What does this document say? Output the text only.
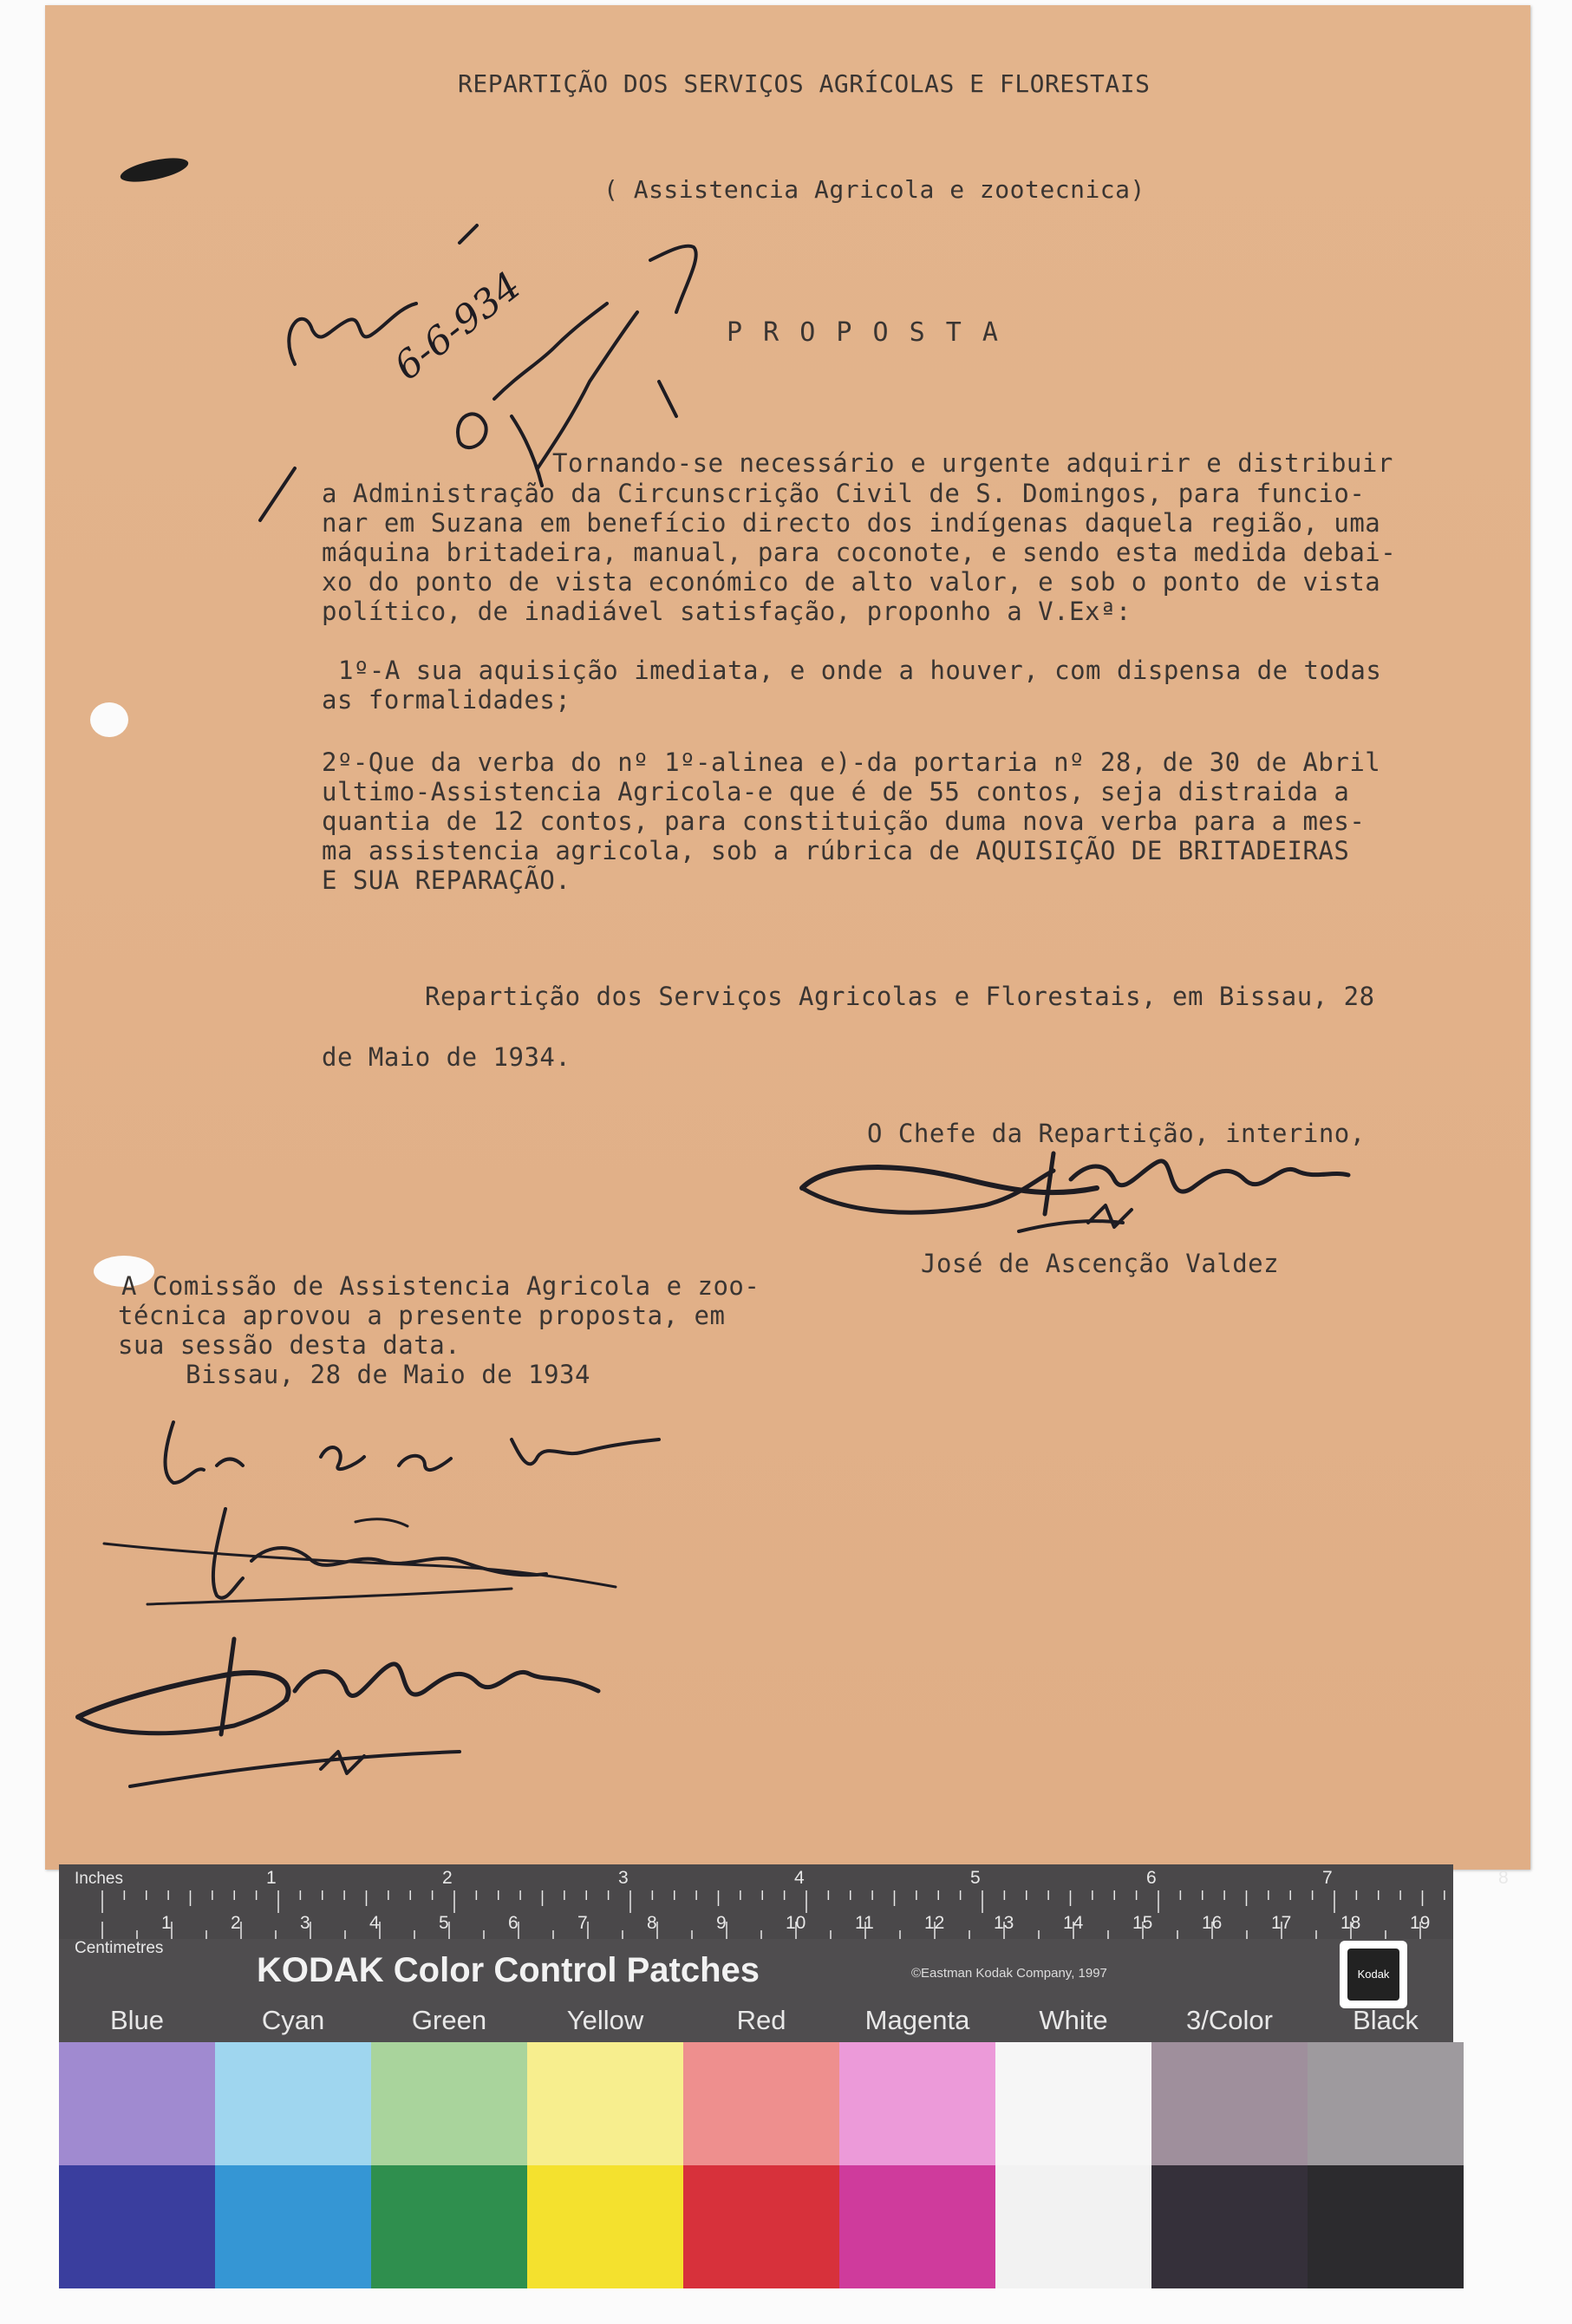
REPARTIÇÃO DOS SERVIÇOS AGRÍCOLAS E FLORESTAIS
( Assistencia Agricola e zootecnica)
P R O P O S T A
Tornando-se necessário e urgente adquirir e distribuir
a Administração da Circunscrição Civil de S. Domingos, para funcio-
nar em Suzana em benefício directo dos indígenas daquela região, uma
máquina britadeira, manual, para coconote, e sendo esta medida debai-
xo do ponto de vista económico de alto valor, e sob o ponto de vista
político, de inadiável satisfação, proponho a V.Exª:
1º-A sua aquisição imediata, e onde a houver, com dispensa de todas
as formalidades;
2º-Que da verba do nº 1º-alinea e)-da portaria nº 28, de 30 de Abril
ultimo-Assistencia Agricola-e que é de 55 contos, seja distraida a
quantia de 12 contos, para constituição duma nova verba para a mes-
ma assistencia agricola, sob a rúbrica de AQUISIÇÃO DE BRITADEIRAS
E SUA REPARAÇÃO.
Repartição dos Serviços Agricolas e Florestais, em Bissau, 28
de Maio de 1934.
O Chefe da Repartição, interino,
José de Ascenção Valdez
A Comissão de Assistencia Agricola e zoo-
técnica aprovou a presente proposta, em
sua sessão desta data.
Bissau, 28 de Maio de 1934
6-6-934
Inches
Centimetres
1	2	3	4	5	6	7	8
1	2	3	4	5	6	7	8	9	10	11	12	13	14	15	16	17	18	19
KODAK Color Control Patches	©Eastman Kodak Company, 1997	Kodak
Blue	Cyan	Green	Yellow	Red	Magenta	White	3/Color	Black
